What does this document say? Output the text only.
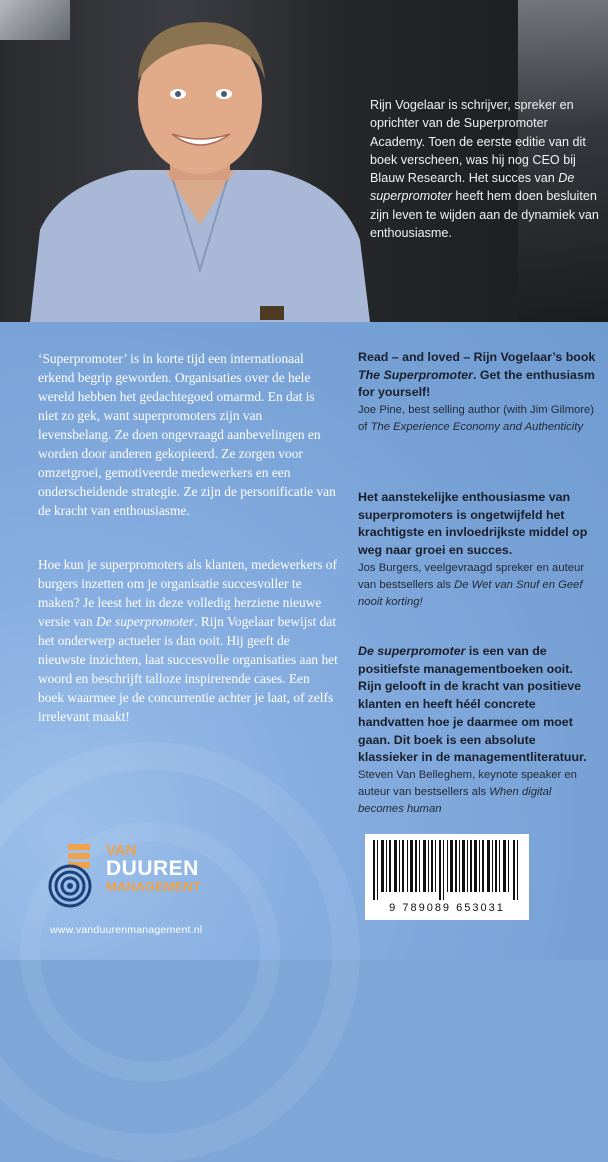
Rijn Vogelaar is schrijver, spreker en oprichter van de Superpromoter Academy. Toen de eerste editie van dit boek verscheen, was hij nog CEO bij Blauw Research. Het succes van De superpromoter heeft hem doen besluiten zijn leven te wijden aan de dynamiek van enthousiasme.

‘Superpromoter’ is in korte tijd een internationaal erkend begrip geworden. Organisaties over de hele wereld hebben het gedachtegoed omarmd. En dat is niet zo gek, want superpromoters zijn van levensbelang. Ze doen ongevraagd aanbevelingen en worden door anderen gekopieerd. Ze zorgen voor omzetgroei, gemotiveerde medewerkers en een onderscheidende strategie. Ze zijn de personificatie van de kracht van enthousiasme.

Hoe kun je superpromoters als klanten, medewerkers of burgers inzetten om je organisatie succesvoller te maken? Je leest het in deze volledig herziene nieuwe versie van De superpromoter. Rijn Vogelaar bewijst dat het onderwerp actueler is dan ooit. Hij geeft de nieuwste inzichten, laat succesvolle organisaties aan het woord en beschrijft talloze inspirerende cases. Een boek waarmee je de concurrentie achter je laat, of zelfs irrelevant maakt!

Read – and loved – Rijn Vogelaar’s book The Superpromoter. Get the enthusiasm for yourself!

Joe Pine, best selling author (with Jim Gilmore) of The Experience Economy and Authenticity

Het aanstekelijke enthousiasme van superpromoters is ongetwijfeld het krachtigste en invloedrijkste middel op weg naar groei en succes.

Jos Burgers, veelgevraagd spreker en auteur van bestsellers als De Wet van Snuf en Geef nooit korting!

De superpromoter is een van de positiefste managementboeken ooit. Rijn gelooft in de kracht van positieve klanten en heeft héél concrete handvatten hoe je daarmee om moet gaan. Dit boek is een absolute klassieker in de managementliteratuur.

Steven Van Belleghem, keynote speaker en auteur van bestsellers als When digital becomes human

VAN
DUUREN
MANAGEMENT
www.vanduurenmanagement.nl
9 789089 653031
